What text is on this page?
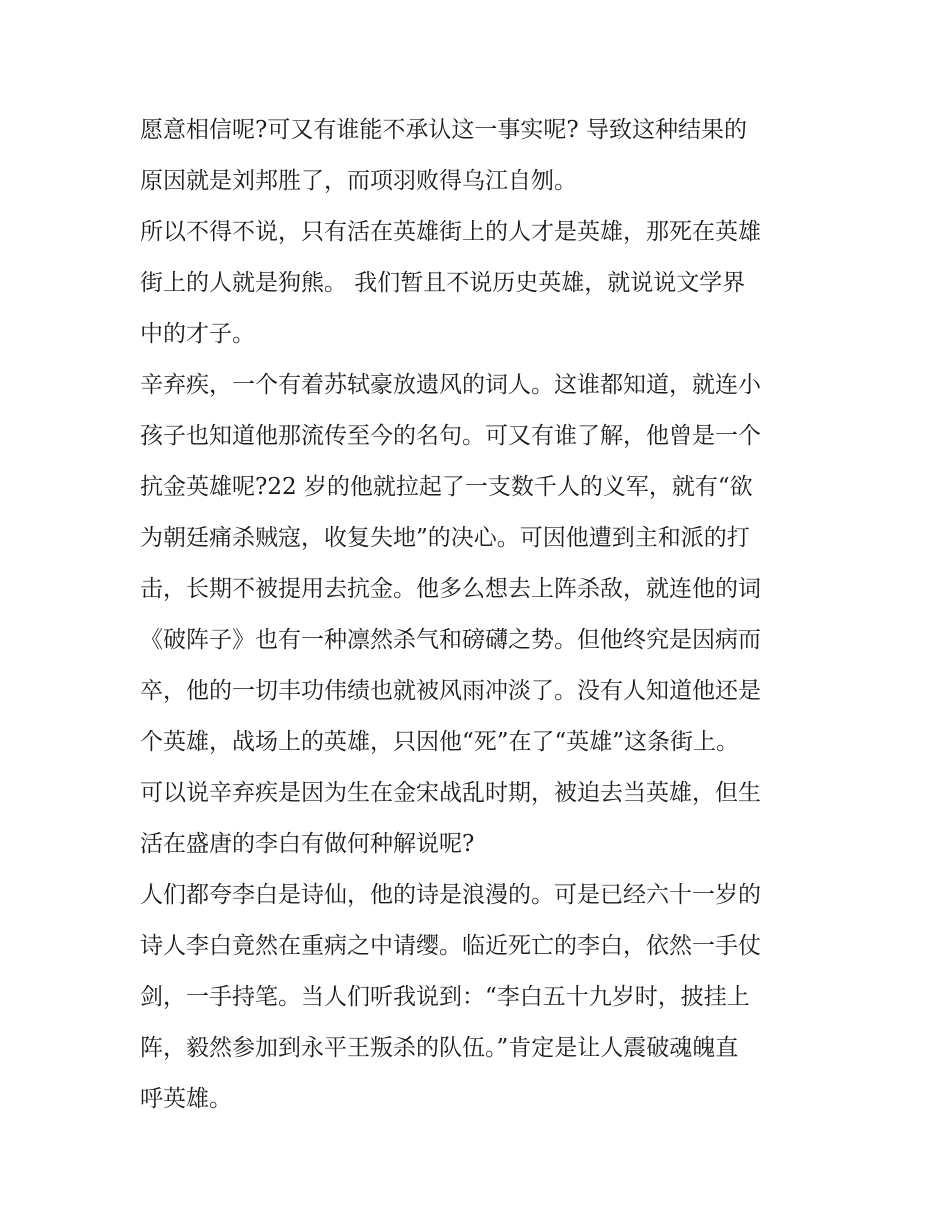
愿意相信呢?可又有谁能不承认这一事实呢? 导致这种结果的
原因就是刘邦胜了，而项羽败得乌江自刎。
所以不得不说，只有活在英雄街上的人才是英雄，那死在英雄
街上的人就是狗熊。 我们暂且不说历史英雄，就说说文学界
中的才子。
辛弃疾，一个有着苏轼豪放遗风的词人。这谁都知道，就连小
孩子也知道他那流传至今的名句。可又有谁了解，他曾是一个
抗金英雄呢?22 岁的他就拉起了一支数千人的义军，就有“欲
为朝廷痛杀贼寇，收复失地”的决心。可因他遭到主和派的打
击，长期不被提用去抗金。他多么想去上阵杀敌，就连他的词
《破阵子》也有一种凛然杀气和磅礴之势。但他终究是因病而
卒，他的一切丰功伟绩也就被风雨冲淡了。没有人知道他还是
个英雄，战场上的英雄，只因他“死”在了“英雄”这条街上。
可以说辛弃疾是因为生在金宋战乱时期，被迫去当英雄，但生
活在盛唐的李白有做何种解说呢?
人们都夸李白是诗仙，他的诗是浪漫的。可是已经六十一岁的
诗人李白竟然在重病之中请缨。临近死亡的李白，依然一手仗
剑，一手持笔。当人们听我说到：“李白五十九岁时，披挂上
阵，毅然参加到永平王叛杀的队伍。”肯定是让人震破魂魄直
呼英雄。
